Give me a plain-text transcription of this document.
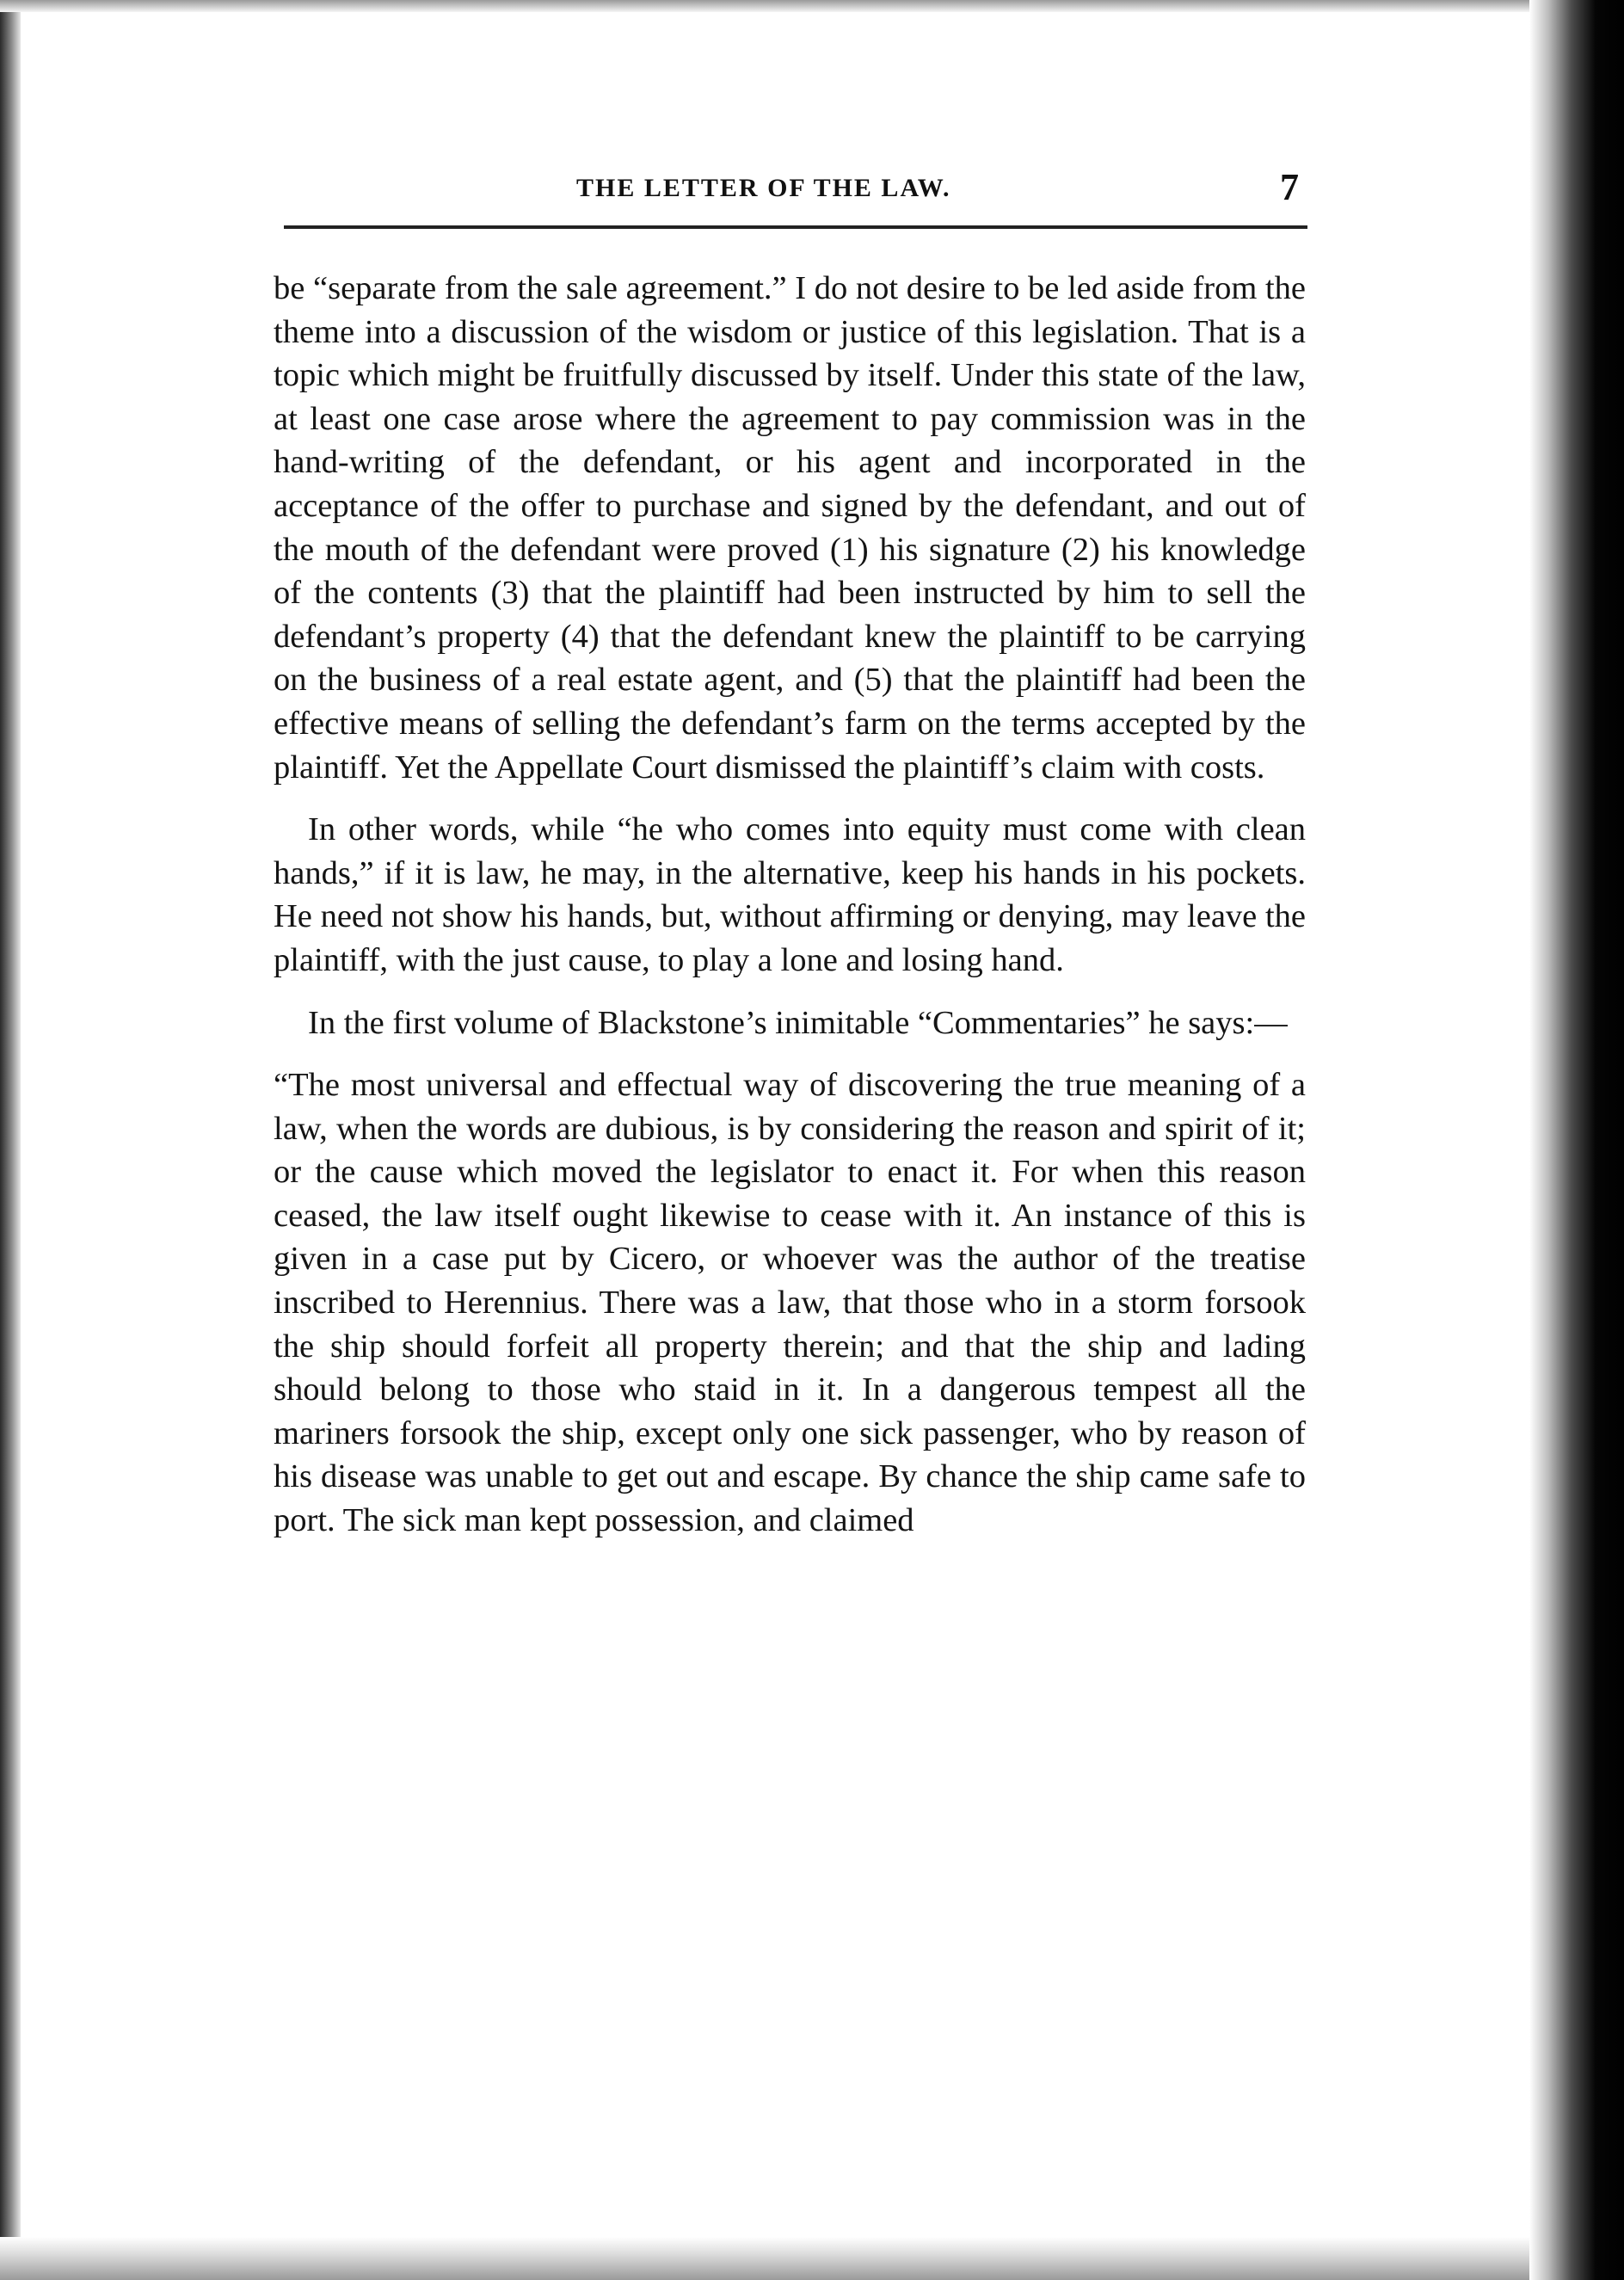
THE LETTER OF THE LAW.	7

be “separate from the sale agreement.” I do not desire to be led aside from the theme into a discussion of the wisdom or justice of this legislation. That is a topic which might be fruitfully discussed by itself. Under this state of the law, at least one case arose where the agreement to pay commission was in the hand-writing of the defendant, or his agent and incorporated in the acceptance of the offer to purchase and signed by the defendant, and out of the mouth of the defendant were proved (1) his signature (2) his knowledge of the contents (3) that the plaintiff had been instructed by him to sell the defendant’s property (4) that the defendant knew the plaintiff to be carrying on the business of a real estate agent, and (5) that the plaintiff had been the effective means of selling the defendant’s farm on the terms accepted by the plaintiff. Yet the Appellate Court dismissed the plaintiff’s claim with costs.

In other words, while “he who comes into equity must come with clean hands,” if it is law, he may, in the alternative, keep his hands in his pockets. He need not show his hands, but, without affirming or denying, may leave the plaintiff, with the just cause, to play a lone and losing hand.

In the first volume of Blackstone’s inimitable “Commentaries” he says:—

“The most universal and effectual way of discovering the true meaning of a law, when the words are dubious, is by considering the reason and spirit of it; or the cause which moved the legislator to enact it. For when this reason ceased, the law itself ought likewise to cease with it. An instance of this is given in a case put by Cicero, or whoever was the author of the treatise inscribed to Herennius. There was a law, that those who in a storm forsook the ship should forfeit all property therein; and that the ship and lading should belong to those who staid in it. In a dangerous tempest all the mariners forsook the ship, except only one sick passenger, who by reason of his disease was unable to get out and escape. By chance the ship came safe to port. The sick man kept possession, and claimed
